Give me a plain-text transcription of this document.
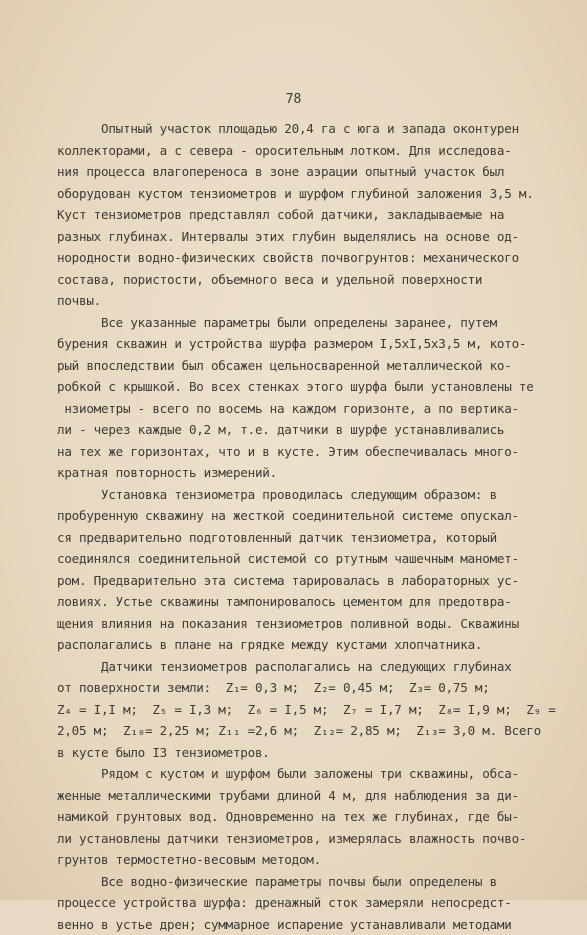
78
Опытный участок площадью 20,4 га с юга и запада оконтурен
коллекторами, а с севера - оросительным лотком. Для исследова-
ния процесса влагопереноса в зоне аэрации опытный участок был
оборудован кустом тензиометров и шурфом глубиной заложения 3,5 м.
Куст тензиометров представлял собой датчики, закладываемые на
разных глубинах. Интервалы этих глубин выделялись на основе од-
нородности водно-физических свойств почвогрунтов: механического
состава, пористости, объемного веса и удельной поверхности
почвы.
Все указанные параметры были определены заранее, путем
бурения скважин и устройства шурфа размером I,5хI,5х3,5 м, кото-
рый впоследствии был обсажен цельносваренной металлической ко-
робкой с крышкой. Во всех стенках этого шурфа были установлены те
нзиометры - всего по восемь на каждом горизонте, а по вертика-
ли - через каждые 0,2 м, т.е. датчики в шурфе устанавливались
на тех же горизонтах, что и в кусте. Этим обеспечивалась много-
кратная повторность измерений.
Установка тензиометра проводилась следующим образом: в
пробуренную скважину на жесткой соединительной системе опускал-
ся предварительно подготовленный датчик тензиометра, который
соединялся соединительной системой со ртутным чашечным маномет-
ром. Предварительно эта система тарировалась в лабораторных ус-
ловиях. Устье скважины тампонировалось цементом для предотвра-
щения влияния на показания тензиометров поливной воды. Скважины
располагались в плане на грядке между кустами хлопчатника.
Датчики тензиометров располагались на следующих глубинах
от поверхности земли:  Z₁= 0,3 м;  Z₂= 0,45 м;  Z₃= 0,75 м;
Z₄ = I,I м;  Z₅ = I,3 м;  Z₆ = I,5 м;  Z₇ = I,7 м;  Z₈= I,9 м;  Z₉ =
2,05 м;  Z₁₀= 2,25 м; Z₁₁ =2,6 м;  Z₁₂= 2,85 м;  Z₁₃= 3,0 м. Всего
в кусте было I3 тензиометров.
Рядом с кустом и шурфом были заложены три скважины, обса-
женные металлическими трубами длиной 4 м, для наблюдения за ди-
намикой грунтовых вод. Одновременно на тех же глубинах, где бы-
ли установлены датчики тензиометров, измерялась влажность почво-
грунтов термостетно-весовым методом.
Все водно-физические параметры почвы были определены в
процессе устройства шурфа: дренажный сток замеряли непосредст-
венно в устье дрен; суммарное испарение устанавливали методами
